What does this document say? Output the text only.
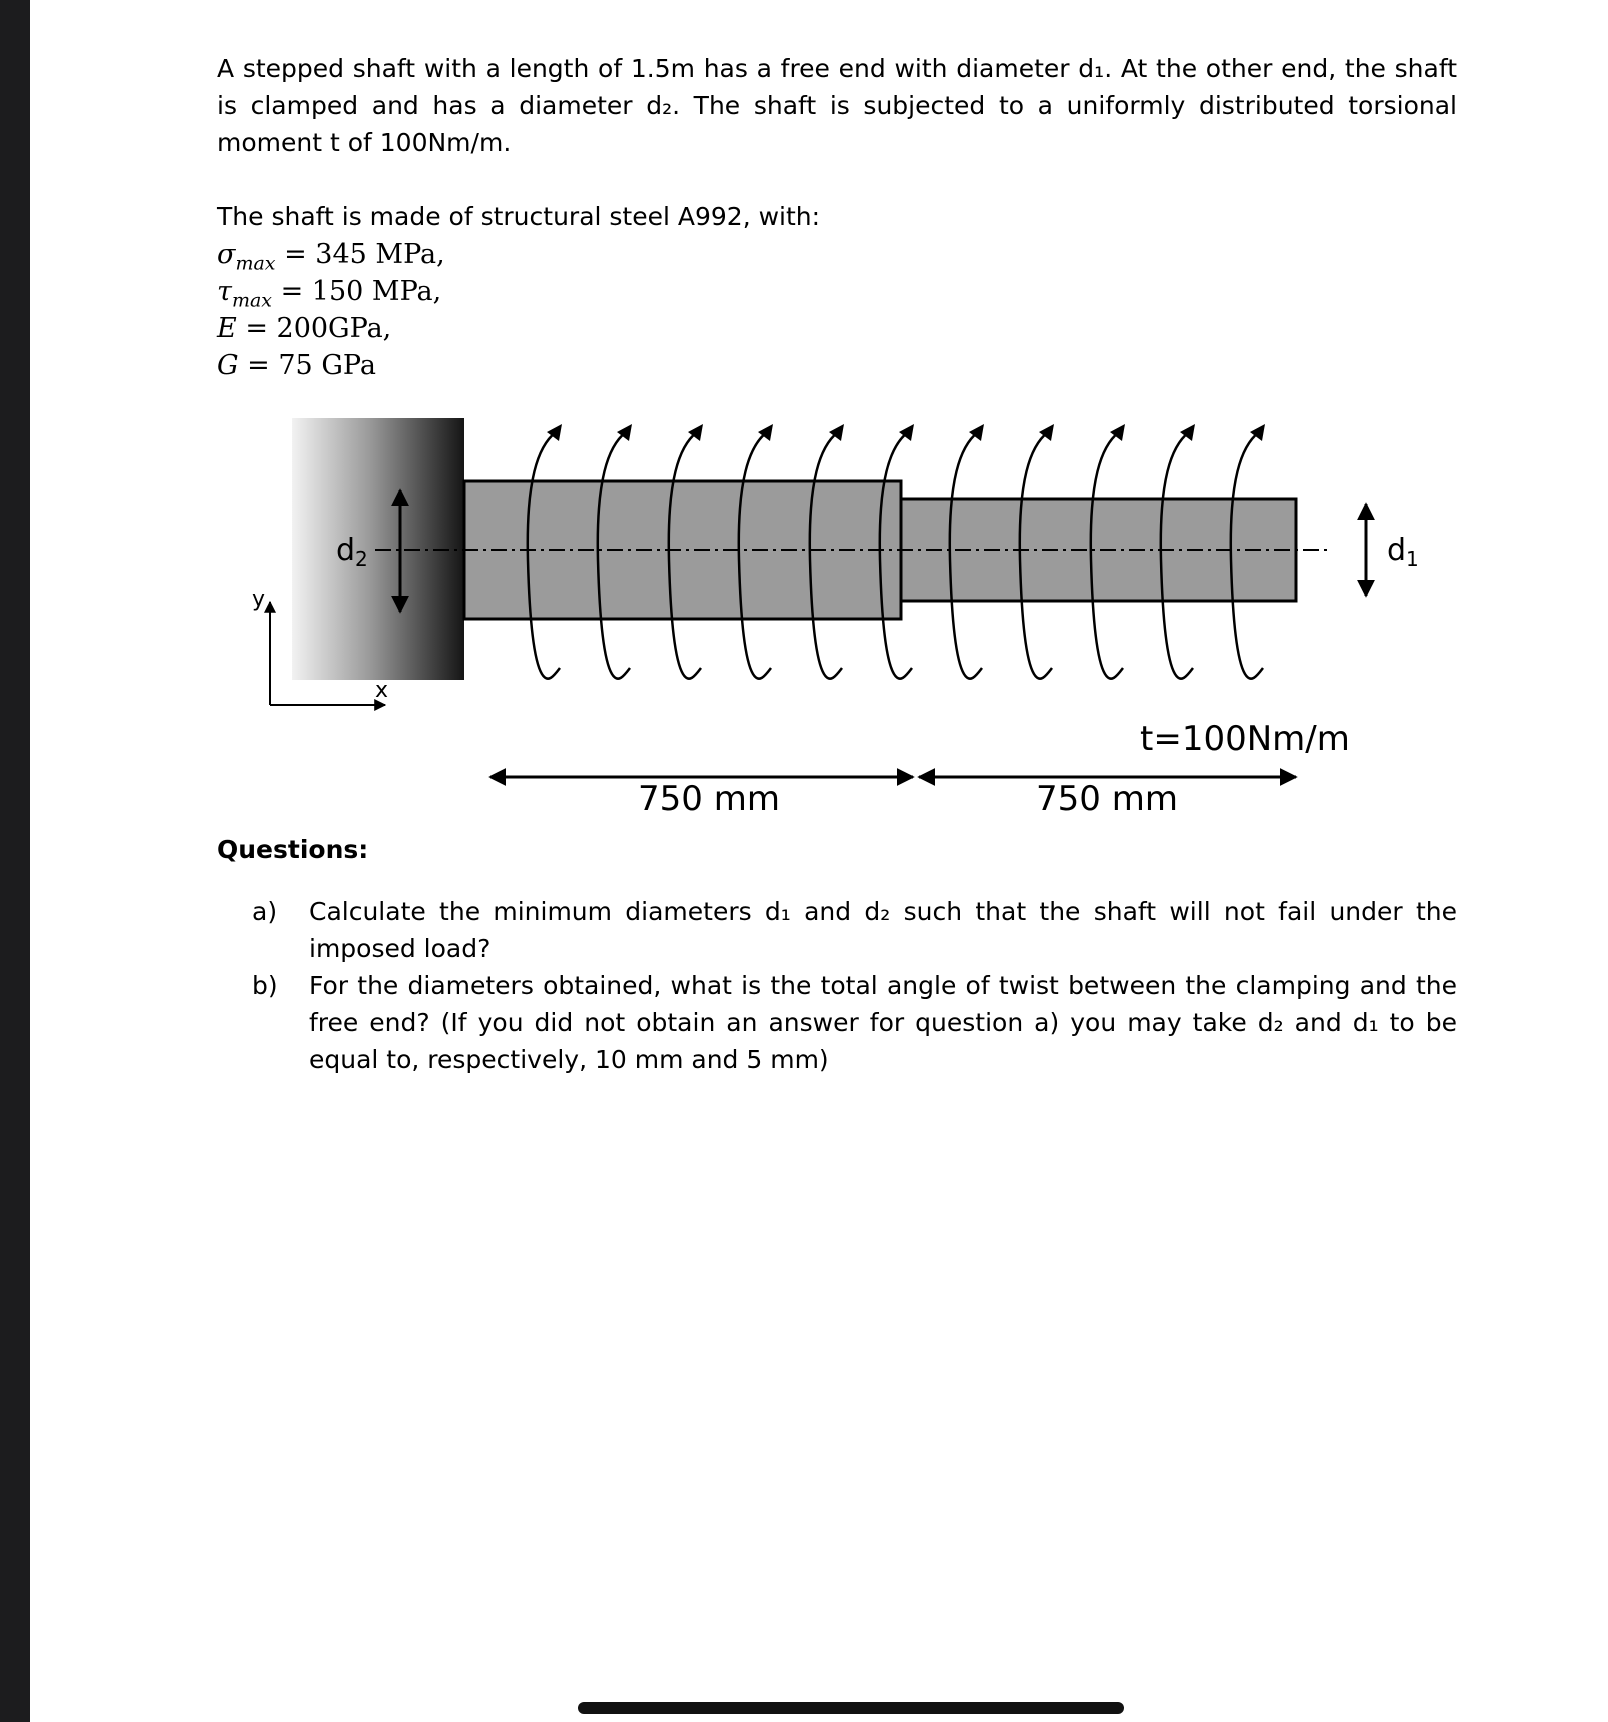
A stepped shaft with a length of 1.5m has a free end with diameter d₁. At the other end, the shaft is clamped and has a diameter d₂. The shaft is subjected to a uniformly distributed torsional moment t of 100Nm/m.
The shaft is made of structural steel A992, with:
$\sigma_{max} = 345$ MPa,
$\tau_{max} = 150$ MPa,
E = 200GPa,
G = 75 GPa
$d_2$	$d_1$
y
x
t=100Nm/m
750 mm	750 mm
Questions:
a) Calculate the minimum diameters d₁ and d₂ such that the shaft will not fail under the imposed load?
b) For the diameters obtained, what is the total angle of twist between the clamping and the free end? (If you did not obtain an answer for question a) you may take d₂ and d₁ to be equal to, respectively, 10 mm and 5 mm)
